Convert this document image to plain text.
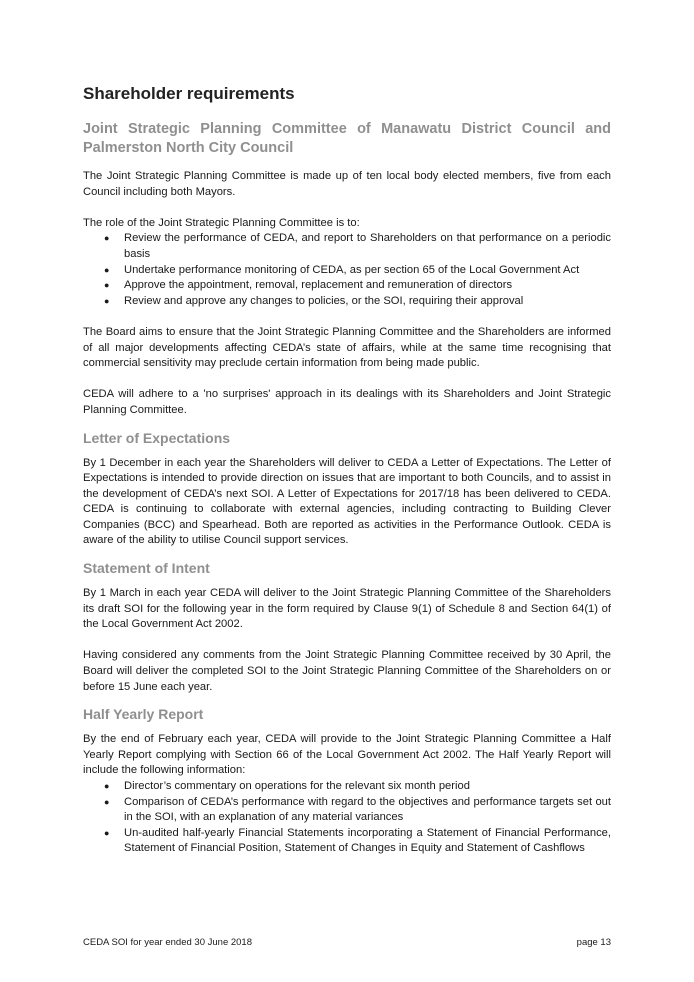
Shareholder requirements
Joint Strategic Planning Committee of Manawatu District Council and Palmerston North City Council

The Joint Strategic Planning Committee is made up of ten local body elected members, five from each Council including both Mayors.

The role of the Joint Strategic Planning Committee is to:

● Review the performance of CEDA, and report to Shareholders on that performance on a periodic basis
● Undertake performance monitoring of CEDA, as per section 65 of the Local Government Act
● Approve the appointment, removal, replacement and remuneration of directors
● Review and approve any changes to policies, or the SOI, requiring their approval

The Board aims to ensure that the Joint Strategic Planning Committee and the Shareholders are informed of all major developments affecting CEDA’s state of affairs, while at the same time recognising that commercial sensitivity may preclude certain information from being made public.

CEDA will adhere to a 'no surprises' approach in its dealings with its Shareholders and Joint Strategic Planning Committee.

Letter of Expectations

By 1 December in each year the Shareholders will deliver to CEDA a Letter of Expectations. The Letter of Expectations is intended to provide direction on issues that are important to both Councils, and to assist in the development of CEDA’s next SOI. A Letter of Expectations for 2017/18 has been delivered to CEDA. CEDA is continuing to collaborate with external agencies, including contracting to Building Clever Companies (BCC) and Spearhead. Both are reported as activities in the Performance Outlook. CEDA is aware of the ability to utilise Council support services.

Statement of Intent

By 1 March in each year CEDA will deliver to the Joint Strategic Planning Committee of the Shareholders its draft SOI for the following year in the form required by Clause 9(1) of Schedule 8 and Section 64(1) of the Local Government Act 2002.

Having considered any comments from the Joint Strategic Planning Committee received by 30 April, the Board will deliver the completed SOI to the Joint Strategic Planning Committee of the Shareholders on or before 15 June each year.

Half Yearly Report

By the end of February each year, CEDA will provide to the Joint Strategic Planning Committee a Half Yearly Report complying with Section 66 of the Local Government Act 2002. The Half Yearly Report will include the following information:

● Director’s commentary on operations for the relevant six month period
● Comparison of CEDA’s performance with regard to the objectives and performance targets set out in the SOI, with an explanation of any material variances
● Un-audited half-yearly Financial Statements incorporating a Statement of Financial Performance, Statement of Financial Position, Statement of Changes in Equity and Statement of Cashflows
CEDA SOI for year ended 30 June 2018	page 13
